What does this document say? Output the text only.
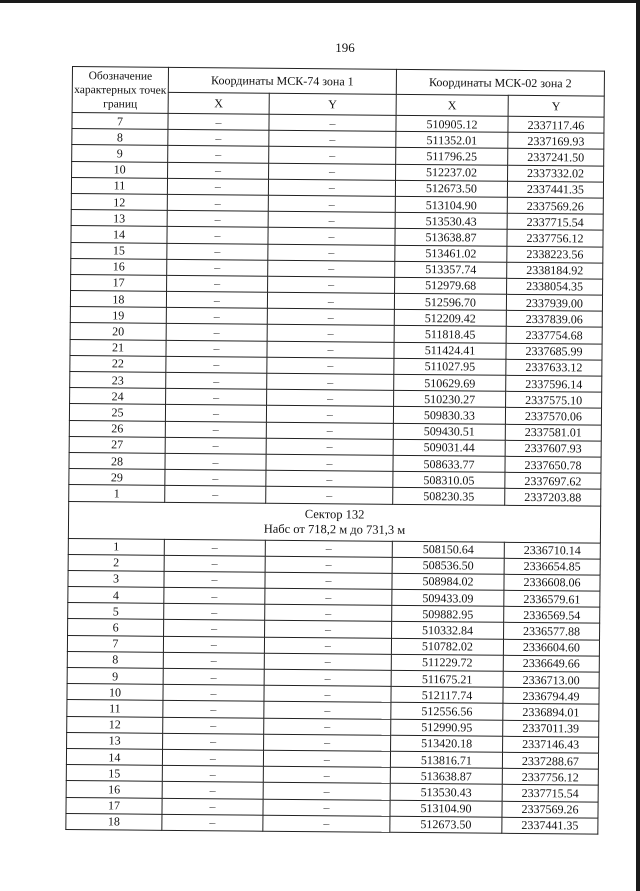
196
Обозначение характерных точек границ	Координаты МСК-74 зона 1		Координаты МСК-02 зона 2	
	X	Y	X	Y
7	–	–	510905.12	2337117.46
8	–	–	511352.01	2337169.93
9	–	–	511796.25	2337241.50
10	–	–	512237.02	2337332.02
11	–	–	512673.50	2337441.35
12	–	–	513104.90	2337569.26
13	–	–	513530.43	2337715.54
14	–	–	513638.87	2337756.12
15	–	–	513461.02	2338223.56
16	–	–	513357.74	2338184.92
17	–	–	512979.68	2338054.35
18	–	–	512596.70	2337939.00
19	–	–	512209.42	2337839.06
20	–	–	511818.45	2337754.68
21	–	–	511424.41	2337685.99
22	–	–	511027.95	2337633.12
23	–	–	510629.69	2337596.14
24	–	–	510230.27	2337575.10
25	–	–	509830.33	2337570.06
26	–	–	509430.51	2337581.01
27	–	–	509031.44	2337607.93
28	–	–	508633.77	2337650.78
29	–	–	508310.05	2337697.62
1	–	–	508230.35	2337203.88

Сектор 132
Набс от 718,2 м до 731,3 м				

1	–	–	508150.64	2336710.14
2	–	–	508536.50	2336654.85
3	–	–	508984.02	2336608.06
4	–	–	509433.09	2336579.61
5	–	–	509882.95	2336569.54
6	–	–	510332.84	2336577.88
7	–	–	510782.02	2336604.60
8	–	–	511229.72	2336649.66
9	–	–	511675.21	2336713.00
10	–	–	512117.74	2336794.49
11	–	–	512556.56	2336894.01
12	–	–	512990.95	2337011.39
13	–	–	513420.18	2337146.43
14	–	–	513816.71	2337288.67
15	–	–	513638.87	2337756.12
16	–	–	513530.43	2337715.54
17	–	–	513104.90	2337569.26
18	–	–	512673.50	2337441.35
